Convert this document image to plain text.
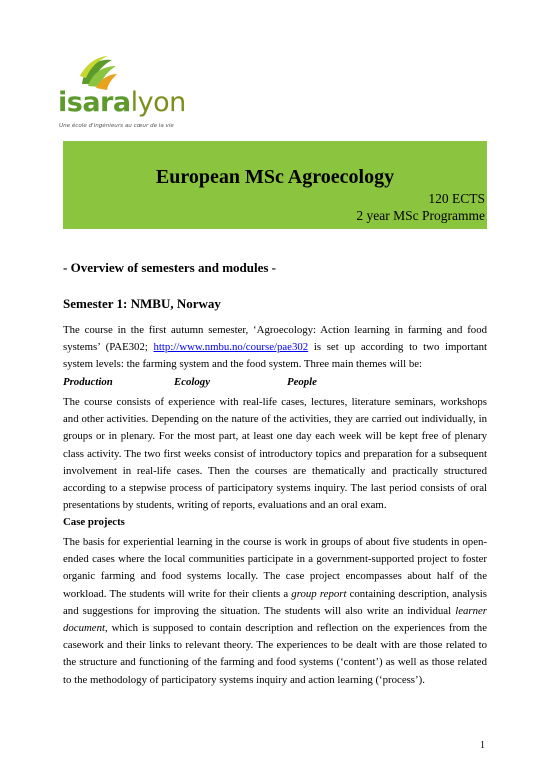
isaralyon
Une école d'ingénieurs au cœur de la vie
European MSc Agroecology
120 ECTS
2 year MSc Programme
- Overview of semesters and modules -
Semester 1: NMBU, Norway
The course in the first autumn semester, ‘Agroecology: Action learning in farming and food systems’ (PAE302; http://www.nmbu.no/course/pae302 is set up according to two important system levels: the farming system and the food system. Three main themes will be:
Production	Ecology	People
The course consists of experience with real-life cases, lectures, literature seminars, workshops and other activities. Depending on the nature of the activities, they are carried out individually, in groups or in plenary. For the most part, at least one day each week will be kept free of plenary class activity. The two first weeks consist of introductory topics and preparation for a subsequent involvement in real-life cases. Then the courses are thematically and practically structured according to a stepwise process of participatory systems inquiry. The last period consists of oral presentations by students, writing of reports, evaluations and an oral exam.
Case projects
The basis for experiential learning in the course is work in groups of about five students in open-ended cases where the local communities participate in a government-supported project to foster organic farming and food systems locally. The case project encompasses about half of the workload. The students will write for their clients a group report containing description, analysis and suggestions for improving the situation. The students will also write an individual learner document, which is supposed to contain description and reflection on the experiences from the casework and their links to relevant theory. The experiences to be dealt with are those related to the structure and functioning of the farming and food systems (‘content’) as well as those related to the methodology of participatory systems inquiry and action learning (‘process’).
1
